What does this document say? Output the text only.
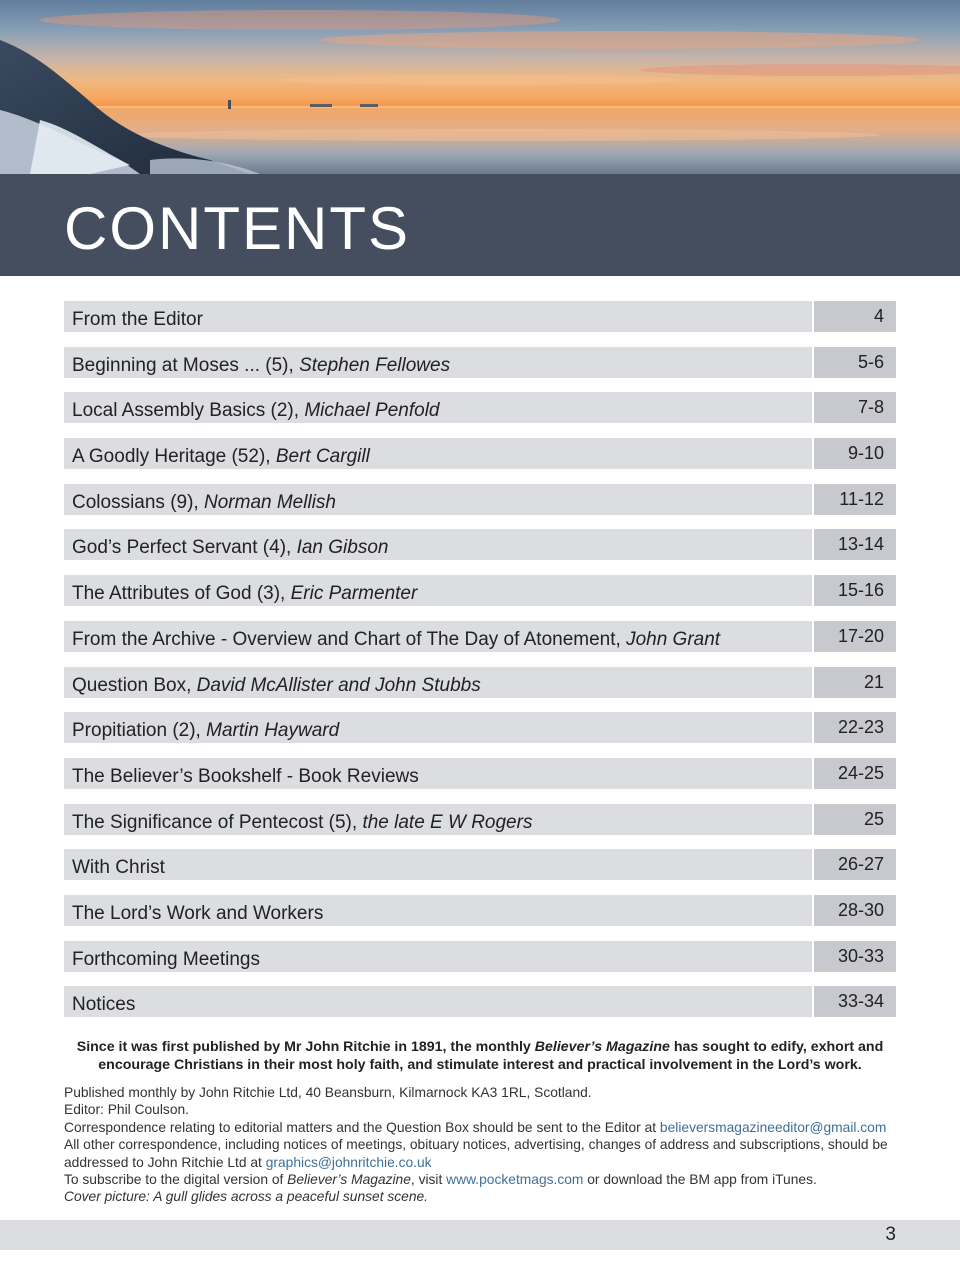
CONTENTS
From the Editor	4
Beginning at Moses ... (5), Stephen Fellowes	5-6
Local Assembly Basics (2), Michael Penfold	7-8
A Goodly Heritage (52), Bert Cargill	9-10
Colossians (9), Norman Mellish	11-12
God’s Perfect Servant (4), Ian Gibson	13-14
The Attributes of God (3), Eric Parmenter	15-16
From the Archive - Overview and Chart of The Day of Atonement, John Grant	17-20
Question Box, David McAllister and John Stubbs	21
Propitiation (2), Martin Hayward	22-23
The Believer’s Bookshelf - Book Reviews	24-25
The Significance of Pentecost (5), the late E W Rogers	25
With Christ	26-27
The Lord’s Work and Workers	28-30
Forthcoming Meetings	30-33
Notices	33-34
Since it was first published by Mr John Ritchie in 1891, the monthly Believer’s Magazine has sought to edify, exhort and encourage Christians in their most holy faith, and stimulate interest and practical involvement in the Lord’s work.
Published monthly by John Ritchie Ltd, 40 Beansburn, Kilmarnock KA3 1RL, Scotland.
Editor: Phil Coulson.
Correspondence relating to editorial matters and the Question Box should be sent to the Editor at believersmagazineeditor@gmail.com
All other correspondence, including notices of meetings, obituary notices, advertising, changes of address and subscriptions, should be addressed to John Ritchie Ltd at graphics@johnritchie.co.uk
To subscribe to the digital version of Believer’s Magazine, visit www.pocketmags.com or download the BM app from iTunes.
Cover picture: A gull glides across a peaceful sunset scene.
3
